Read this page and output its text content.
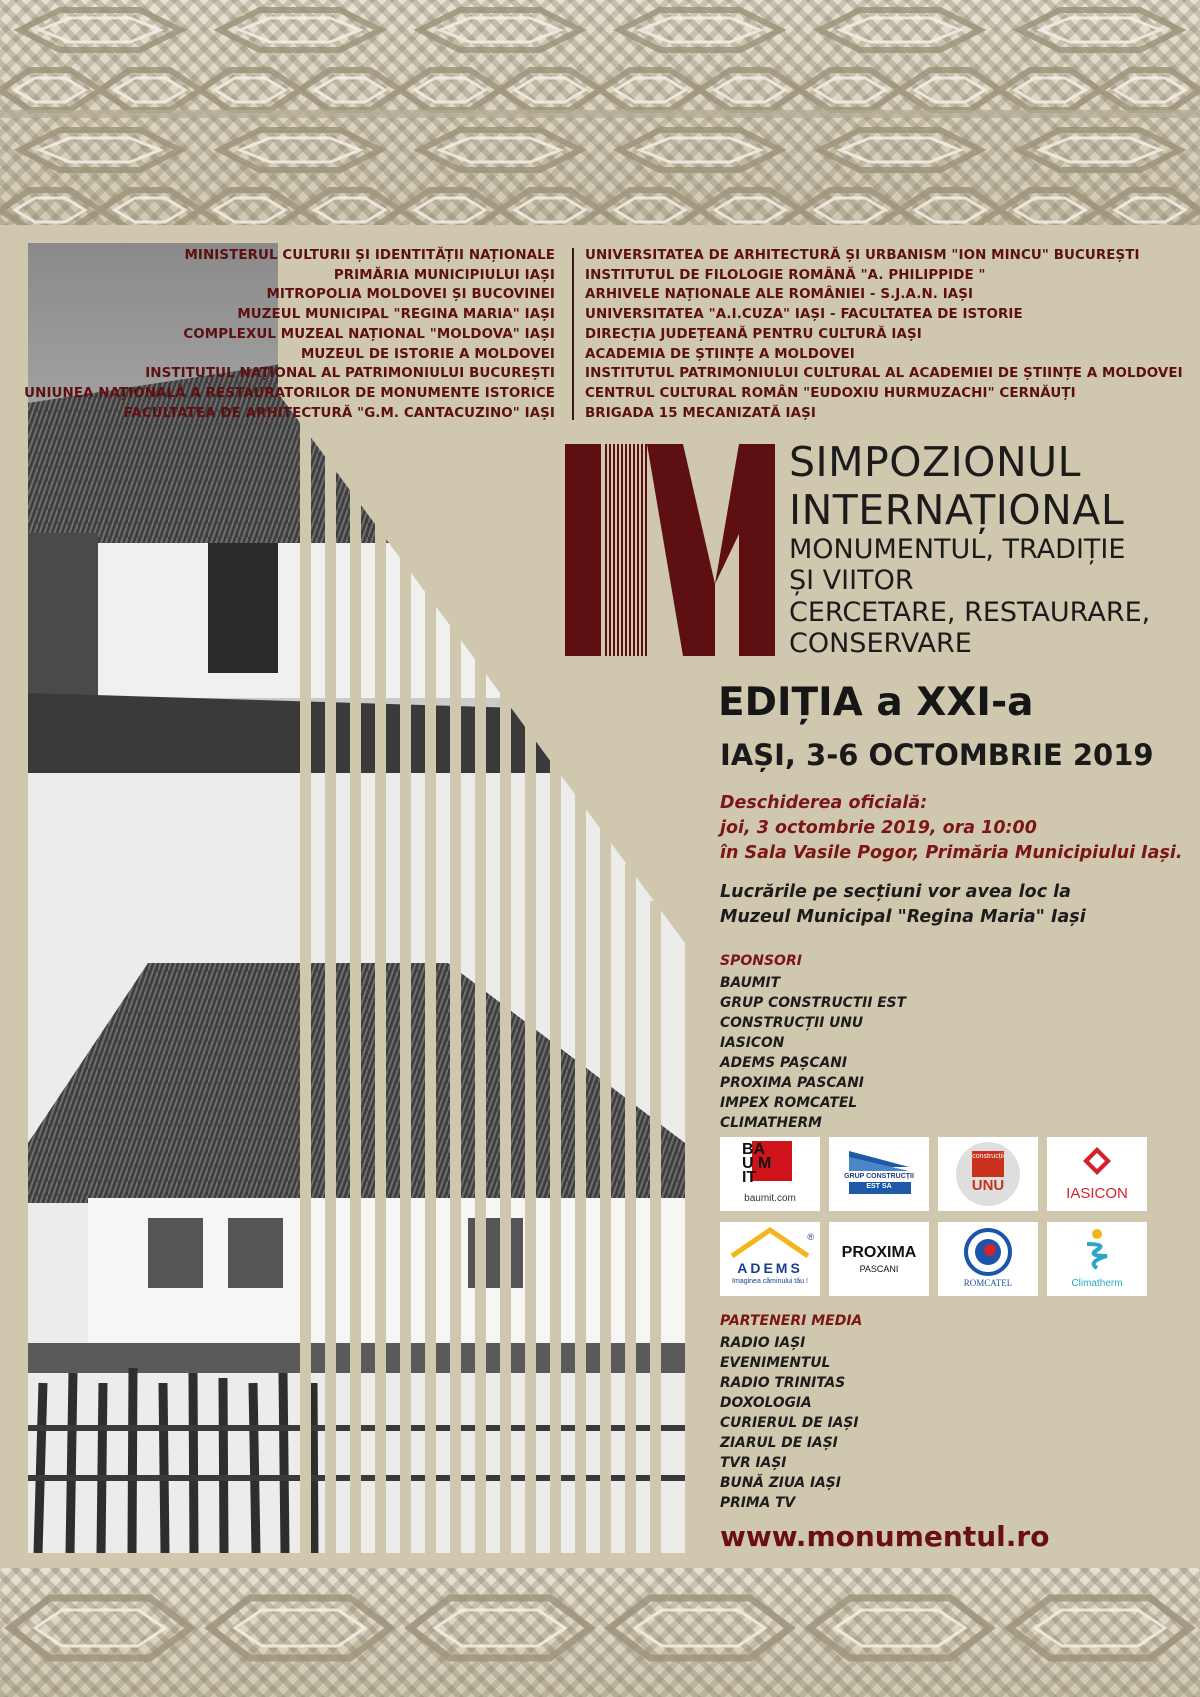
MINISTERUL CULTURII ȘI IDENTITĂȚII NAȚIONALE
PRIMĂRIA MUNICIPIULUI IAȘI
MITROPOLIA MOLDOVEI ȘI BUCOVINEI
MUZEUL MUNICIPAL "REGINA MARIA" IAȘI
COMPLEXUL MUZEAL NAȚIONAL "MOLDOVA" IAȘI
MUZEUL DE ISTORIE A MOLDOVEI
INSTITUTUL NAȚIONAL AL PATRIMONIULUI BUCUREȘTI
UNIUNEA NAȚIONALĂ A RESTAURATORILOR DE MONUMENTE ISTORICE
FACULTATEA DE ARHITECTURĂ "G.M. CANTACUZINO" IAȘI
UNIVERSITATEA DE ARHITECTURĂ ȘI URBANISM "ION MINCU" BUCUREȘTI
INSTITUTUL DE FILOLOGIE ROMÂNĂ "A. PHILIPPIDE "
ARHIVELE NAȚIONALE ALE ROMÂNIEI - S.J.A.N. IAȘI
UNIVERSITATEA "A.I.CUZA" IAȘI - FACULTATEA DE ISTORIE
DIRECȚIA JUDEȚEANĂ PENTRU CULTURĂ IAȘI
ACADEMIA DE ȘTIINȚE A MOLDOVEI
INSTITUTUL PATRIMONIULUI CULTURAL AL ACADEMIEI DE ȘTIINȚE A MOLDOVEI
CENTRUL CULTURAL ROMÂN "EUDOXIU HURMUZACHI" CERNĂUȚI
BRIGADA 15 MECANIZATĂ IAȘI
SIMPOZIONUL
INTERNAȚIONAL
MONUMENTUL, TRADIȚIE
ȘI VIITOR
CERCETARE, RESTAURARE,
CONSERVARE
EDIȚIA a XXI-a
IAȘI, 3-6 OCTOMBRIE 2019
Deschiderea oficială:
joi, 3 octombrie 2019, ora 10:00
în Sala Vasile Pogor, Primăria Municipiului Iași.
Lucrările pe secțiuni vor avea loc la
Muzeul Municipal "Regina Maria" Iași
SPONSORI
BAUMIT
GRUP CONSTRUCTII EST
CONSTRUCȚII UNU
IASICON
ADEMS PAȘCANI
PROXIMA PASCANI
IMPEX ROMCATEL
CLIMATHERM
BAU MIT
baumit.com
GRUP CONSTRUCȚII
EST SA
construcții
UNU	IASICON
®
ADEMS
Imaginea căminului tău !
PROXIMA
PASCANI
ROMCATEL	Climatherm
PARTENERI MEDIA
RADIO IAȘI
EVENIMENTUL
RADIO TRINITAS
DOXOLOGIA
CURIERUL DE IAȘI
ZIARUL DE IAȘI
TVR IAȘI
BUNĂ ZIUA IAȘI
PRIMA TV
www.monumentul.ro
